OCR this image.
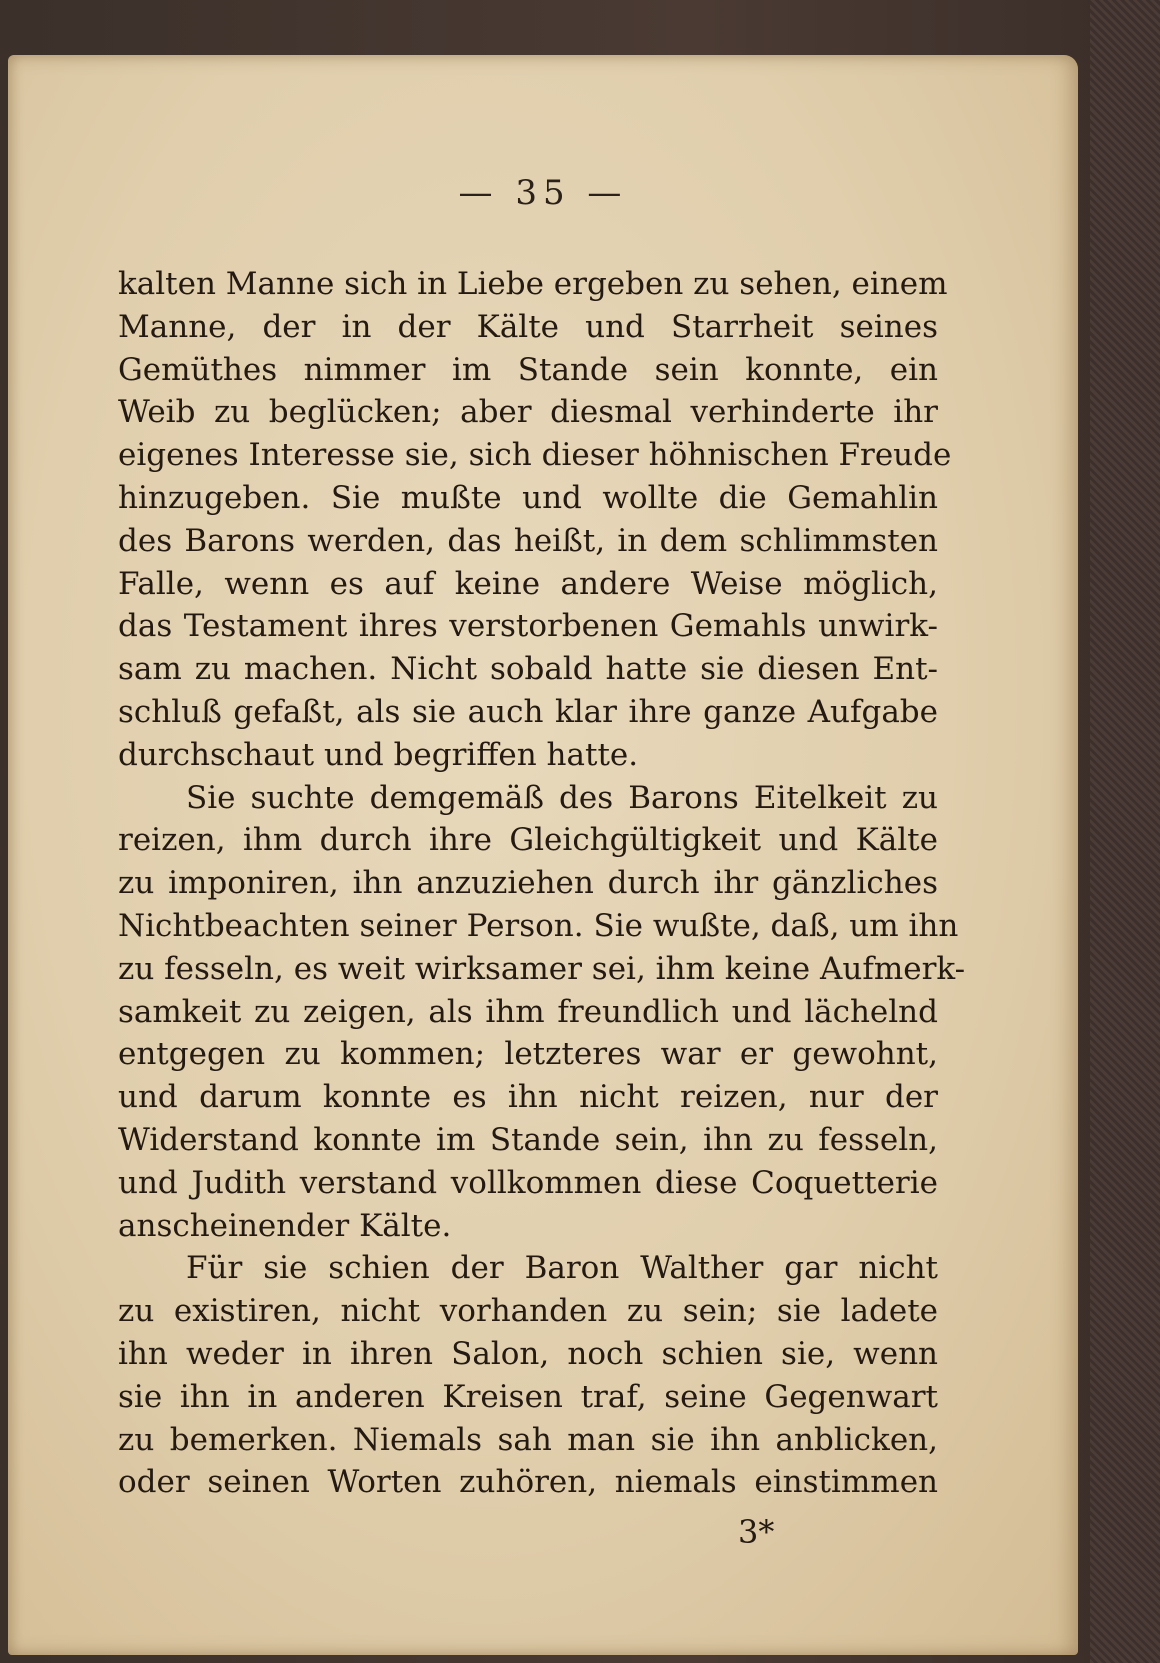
— 35 —
kalten Manne sich in Liebe ergeben zu sehen, einem
Manne, der in der Kälte und Starrheit seines
Gemüthes nimmer im Stande sein konnte, ein
Weib zu beglücken; aber diesmal verhinderte ihr
eigenes Interesse sie, sich dieser höhnischen Freude
hinzugeben. Sie mußte und wollte die Gemahlin
des Barons werden, das heißt, in dem schlimmsten
Falle, wenn es auf keine andere Weise möglich,
das Testament ihres verstorbenen Gemahls unwirk-
sam zu machen. Nicht sobald hatte sie diesen Ent-
schluß gefaßt, als sie auch klar ihre ganze Aufgabe
durchschaut und begriffen hatte.
Sie suchte demgemäß des Barons Eitelkeit zu
reizen, ihm durch ihre Gleichgültigkeit und Kälte
zu imponiren, ihn anzuziehen durch ihr gänzliches
Nichtbeachten seiner Person. Sie wußte, daß, um ihn
zu fesseln, es weit wirksamer sei, ihm keine Aufmerk-
samkeit zu zeigen, als ihm freundlich und lächelnd
entgegen zu kommen; letzteres war er gewohnt,
und darum konnte es ihn nicht reizen, nur der
Widerstand konnte im Stande sein, ihn zu fesseln,
und Judith verstand vollkommen diese Coquetterie
anscheinender Kälte.
Für sie schien der Baron Walther gar nicht
zu existiren, nicht vorhanden zu sein; sie ladete
ihn weder in ihren Salon, noch schien sie, wenn
sie ihn in anderen Kreisen traf, seine Gegenwart
zu bemerken. Niemals sah man sie ihn anblicken,
oder seinen Worten zuhören, niemals einstimmen
3*
